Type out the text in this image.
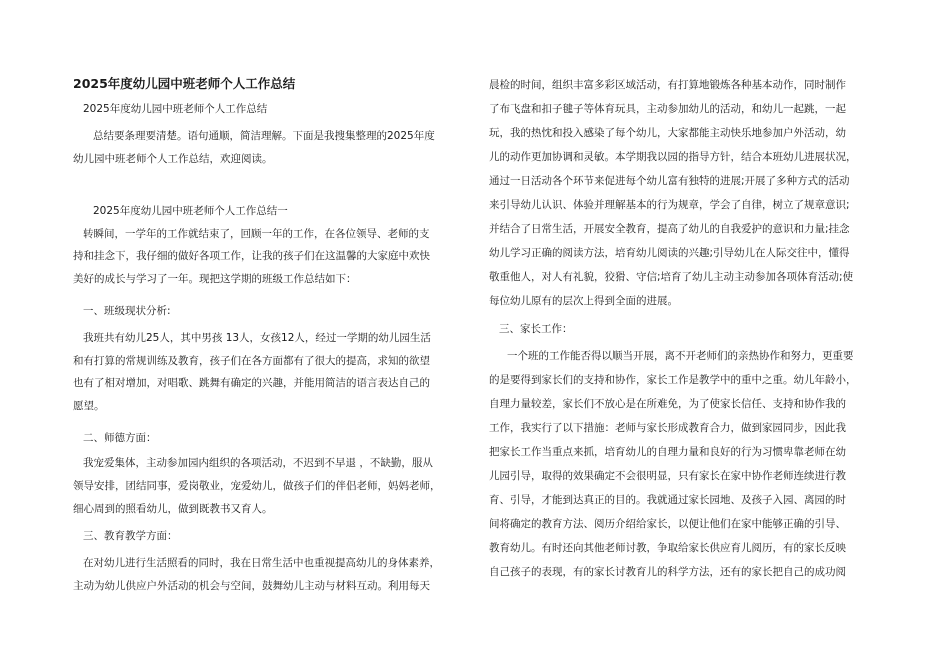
2025年度幼儿园中班老师个人工作总结
2025年度幼儿园中班老师个人工作总结
总结要条理要清楚。语句通顺，简洁理解。下面是我搜集整理的2025年度
幼儿园中班老师个人工作总结，欢迎阅读。
2025年度幼儿园中班老师个人工作总结一
转瞬间，一学年的工作就结束了，回顾一年的工作，在各位领导、老师的支
持和挂念下，我仔细的做好各项工作，让我的孩子们在这温馨的大家庭中欢快
美好的成长与学习了一年。现把这学期的班级工作总结如下：
一、班级现状分析:
我班共有幼儿25人，其中男孩 13人，女孩12人，经过一学期的幼儿园生活
和有打算的常规训练及教育，孩子们在各方面都有了很大的提高，求知的欲望
也有了相对增加，对唱歌、跳舞有确定的兴趣，并能用简洁的语言表达自己的
愿望。
二、师德方面：
我宠爱集体，主动参加园内组织的各项活动，不迟到不早退 ，不缺勤，服从
领导安排，团结同事，爱岗敬业，宠爱幼儿，做孩子们的伴侣老师，妈妈老师，
细心周到的照看幼儿，做到既教书又育人。
三、教育教学方面：
在对幼儿进行生活照看的同时，我在日常生活中也重视提高幼儿的身体素养，
主动为幼儿供应户外活动的机会与空间，鼓舞幼儿主动与材料互动。利用每天
晨检的时间，组织丰富多彩区域活动，有打算地锻炼各种基本动作，同时制作
了布飞盘和扣子毽子等体育玩具，主动参加幼儿的活动，和幼儿一起跳，一起
玩，我的热忱和投入感染了每个幼儿，大家都能主动快乐地参加户外活动，幼
儿的动作更加协调和灵敏。本学期我以园的指导方针，结合本班幼儿进展状况，
通过一日活动各个环节来促进每个幼儿富有独特的进展;开展了多种方式的活动
来引导幼儿认识、体验并理解基本的行为规章，学会了自律，树立了规章意识;
并结合了日常生活，开展安全教育，提高了幼儿的自我爱护的意识和力量;挂念
幼儿学习正确的阅读方法，培育幼儿阅读的兴趣;引导幼儿在人际交往中，懂得
敬重他人，对人有礼貌，狡猾、守信;培育了幼儿主动主动参加各项体育活动;使
每位幼儿原有的层次上得到全面的进展。
三、家长工作：
一个班的工作能否得以顺当开展，离不开老师们的亲热协作和努力，更重要
的是要得到家长们的支持和协作，家长工作是教学中的重中之重。幼儿年龄小，
自理力量较差，家长们不放心是在所难免，为了使家长信任、支持和协作我的
工作，我实行了以下措施：老师与家长形成教育合力，做到家园同步，因此我
把家长工作当重点来抓，培育幼儿的自理力量和良好的行为习惯卑靠老师在幼
儿园引导，取得的效果确定不会很明显，只有家长在家中协作老师连续进行教
育、引导，才能到达真正的目的。我就通过家长园地、及孩子入园、离园的时
间将确定的教育方法、阅历介绍给家长，以便让他们在家中能够正确的引导、
教育幼儿。有时还向其他老师讨教，争取给家长供应育儿阅历，有的家长反映
自己孩子的表现，有的家长讨教育儿的科学方法，还有的家长把自己的成功阅
